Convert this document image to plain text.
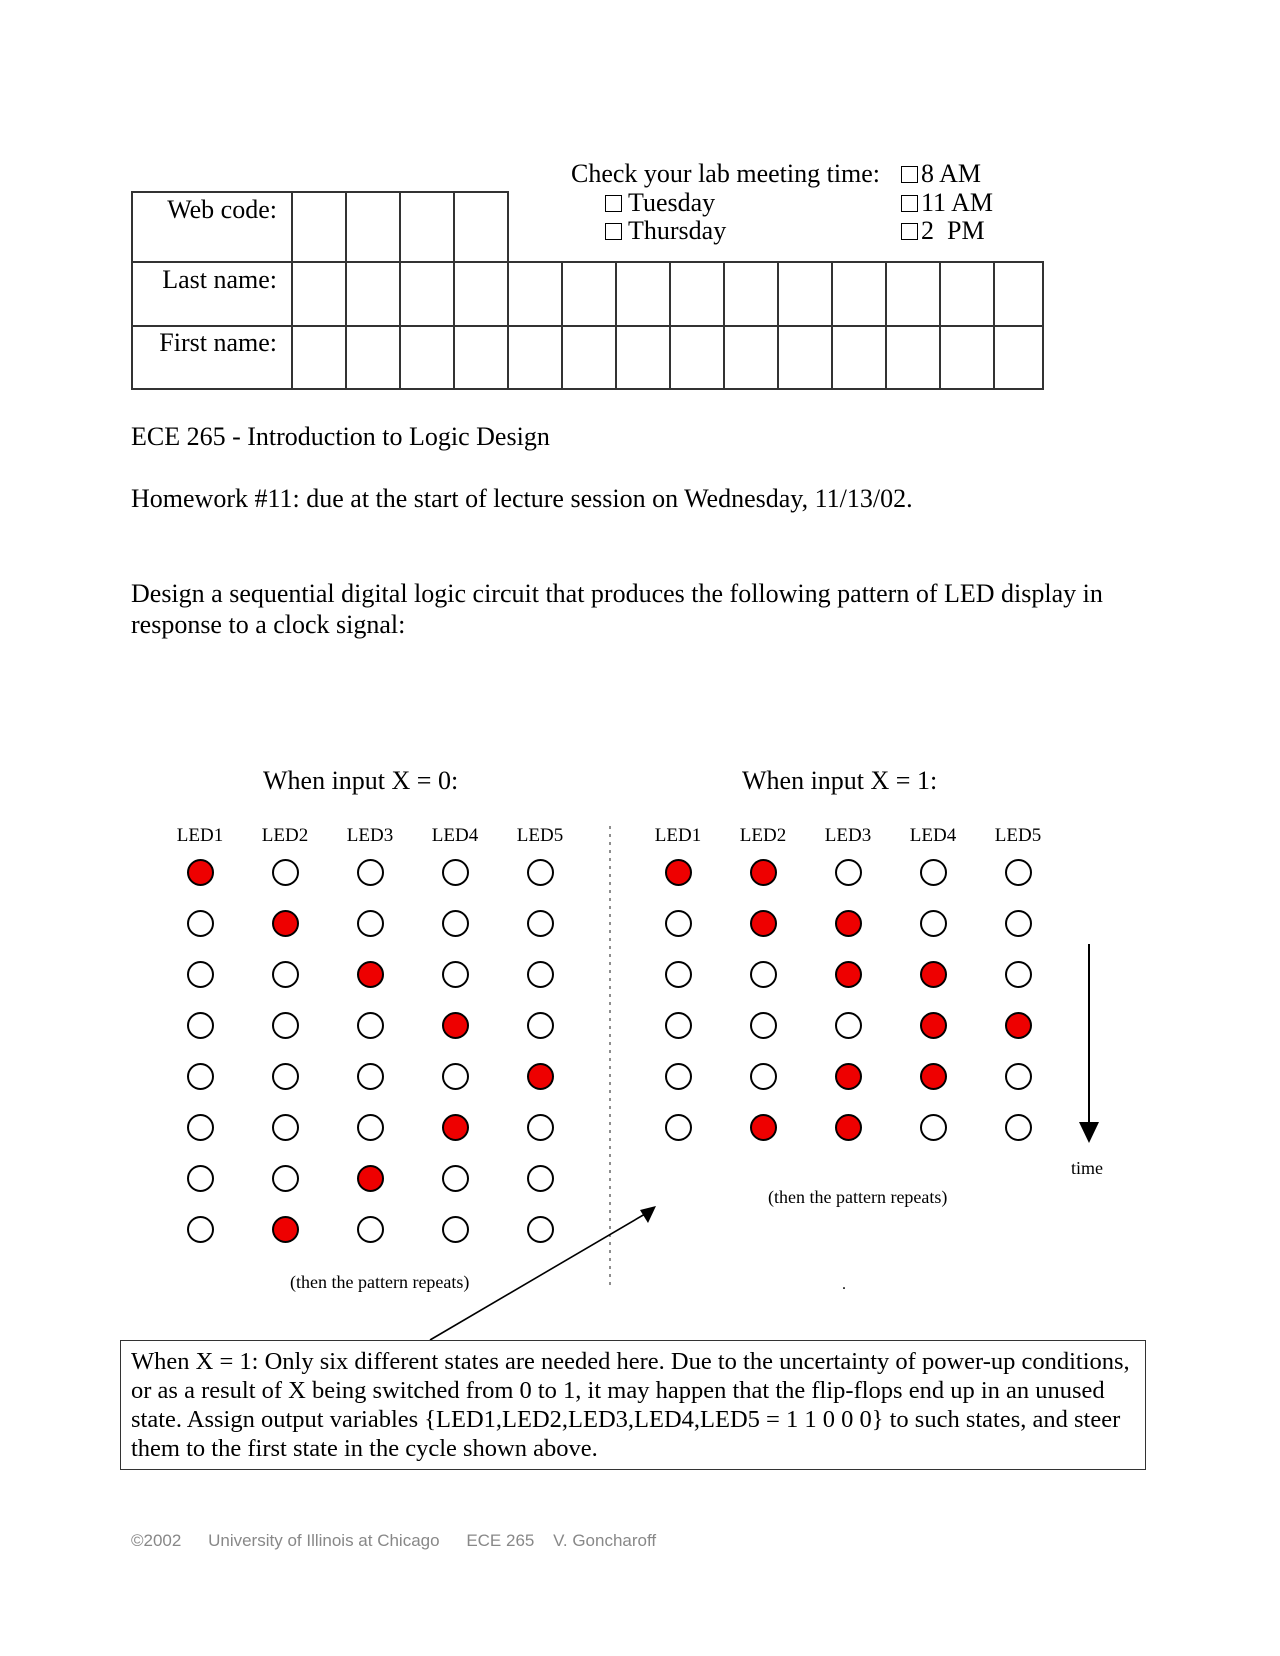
Web code:
Last name:
First name:
Check your lab meeting time:
Tuesday
Thursday
8 AM
11 AM
2  PM
ECE 265 - Introduction to Logic Design
Homework #11: due at the start of lecture session on Wednesday, 11/13/02.
Design a sequential digital logic circuit that produces the following pattern of LED display in response to a clock signal:
When input X = 0:	When input X = 1:
LED1	LED2	LED3	LED4	LED5	LED1	LED2	LED3	LED4	LED5
(then the pattern repeats)
(then the pattern repeats)
.
time
When X = 1: Only six different states are needed here. Due to the uncertainty of power-up conditions, or as a result of X being switched from 0 to 1, it may happen that the flip-flops end up in an unused state. Assign output variables {LED1,LED2,LED3,LED4,LED5 = 1 1 0 0 0} to such states, and steer them to the first state in the cycle shown above.
©2002 University of Illinois at Chicago ECE 265 V. Goncharoff
